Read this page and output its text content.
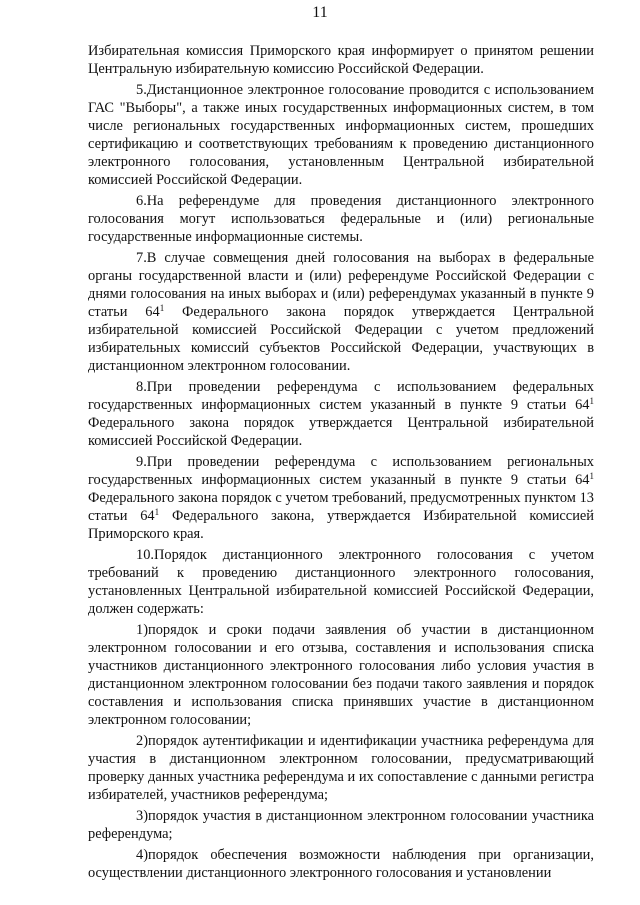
11

Избирательная комиссия Приморского края информирует о принятом решении Центральную избирательную комиссию Российской Федерации.

5.Дистанционное электронное голосование проводится с использованием ГАС "Выборы", а также иных государственных информационных систем, в том числе региональных государственных информационных систем, прошедших сертификацию и соответствующих требованиям к проведению дистанционного электронного голосования, установленным Центральной избирательной комиссией Российской Федерации.

6.На референдуме для проведения дистанционного электронного голосования могут использоваться федеральные и (или) региональные государственные информационные системы.

7.В случае совмещения дней голосования на выборах в федеральные органы государственной власти и (или) референдуме Российской Федерации с днями голосования на иных выборах и (или) референдумах указанный в пункте 9 статьи $64^1$ Федерального закона порядок утверждается Центральной избирательной комиссией Российской Федерации с учетом предложений избирательных комиссий субъектов Российской Федерации, участвующих в дистанционном электронном голосовании.

8.При проведении референдума с использованием федеральных государственных информационных систем указанный в пункте 9 статьи $64^1$ Федерального закона порядок утверждается Центральной избирательной комиссией Российской Федерации.

9.При проведении референдума с использованием региональных государственных информационных систем указанный в пункте 9 статьи $64^1$ Федерального закона порядок с учетом требований, предусмотренных пунктом 13 статьи $64^1$ Федерального закона, утверждается Избирательной комиссией Приморского края.

10.Порядок дистанционного электронного голосования с учетом требований к проведению дистанционного электронного голосования, установленных Центральной избирательной комиссией Российской Федерации, должен содержать:

1)порядок и сроки подачи заявления об участии в дистанционном электронном голосовании и его отзыва, составления и использования списка участников дистанционного электронного голосования либо условия участия в дистанционном электронном голосовании без подачи такого заявления и порядок составления и использования списка принявших участие в дистанционном электронном голосовании;

2)порядок аутентификации и идентификации участника референдума для участия в дистанционном электронном голосовании, предусматривающий проверку данных участника референдума и их сопоставление с данными регистра избирателей, участников референдума;

3)порядок участия в дистанционном электронном голосовании участника референдума;

4)порядок обеспечения возможности наблюдения при организации, осуществлении дистанционного электронного голосования и установлении
